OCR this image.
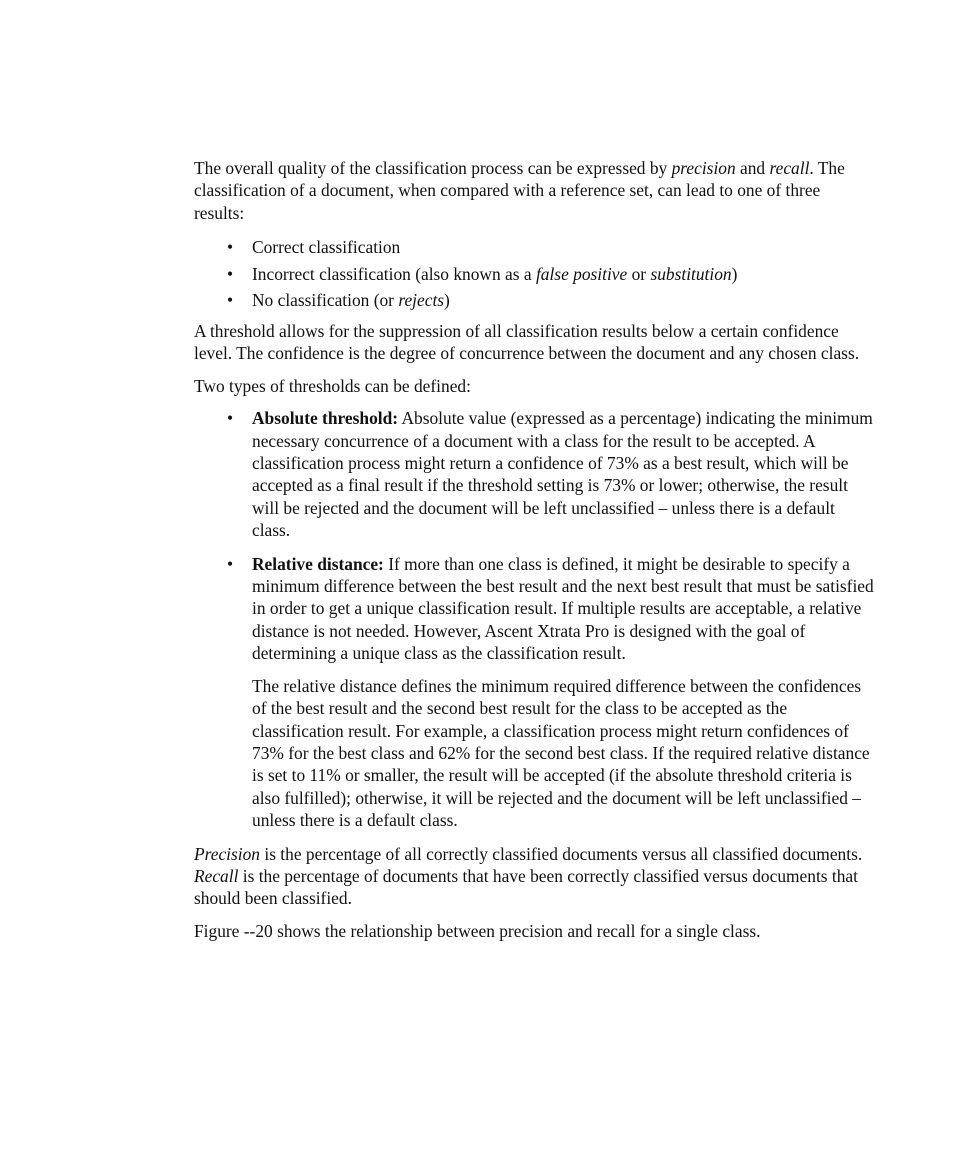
The overall quality of the classification process can be expressed by precision and recall. The classification of a document, when compared with a reference set, can lead to one of three results:

• Correct classification
• Incorrect classification (also known as a false positive or substitution)
• No classification (or rejects)

A threshold allows for the suppression of all classification results below a certain confidence level. The confidence is the degree of concurrence between the document and any chosen class.

Two types of thresholds can be defined:

• Absolute threshold: Absolute value (expressed as a percentage) indicating the minimum necessary concurrence of a document with a class for the result to be accepted. A classification process might return a confidence of 73% as a best result, which will be accepted as a final result if the threshold setting is 73% or lower; otherwise, the result will be rejected and the document will be left unclassified – unless there is a default class.
• Relative distance: If more than one class is defined, it might be desirable to specify a minimum difference between the best result and the next best result that must be satisfied in order to get a unique classification result. If multiple results are acceptable, a relative distance is not needed. However, Ascent Xtrata Pro is designed with the goal of determining a unique class as the classification result.

The relative distance defines the minimum required difference between the confidences of the best result and the second best result for the class to be accepted as the classification result. For example, a classification process might return confidences of 73% for the best class and 62% for the second best class. If the required relative distance is set to 11% or smaller, the result will be accepted (if the absolute threshold criteria is also fulfilled); otherwise, it will be rejected and the document will be left unclassified – unless there is a default class.

Precision is the percentage of all correctly classified documents versus all classified documents. Recall is the percentage of documents that have been correctly classified versus documents that should been classified.

Figure --20 shows the relationship between precision and recall for a single class.
